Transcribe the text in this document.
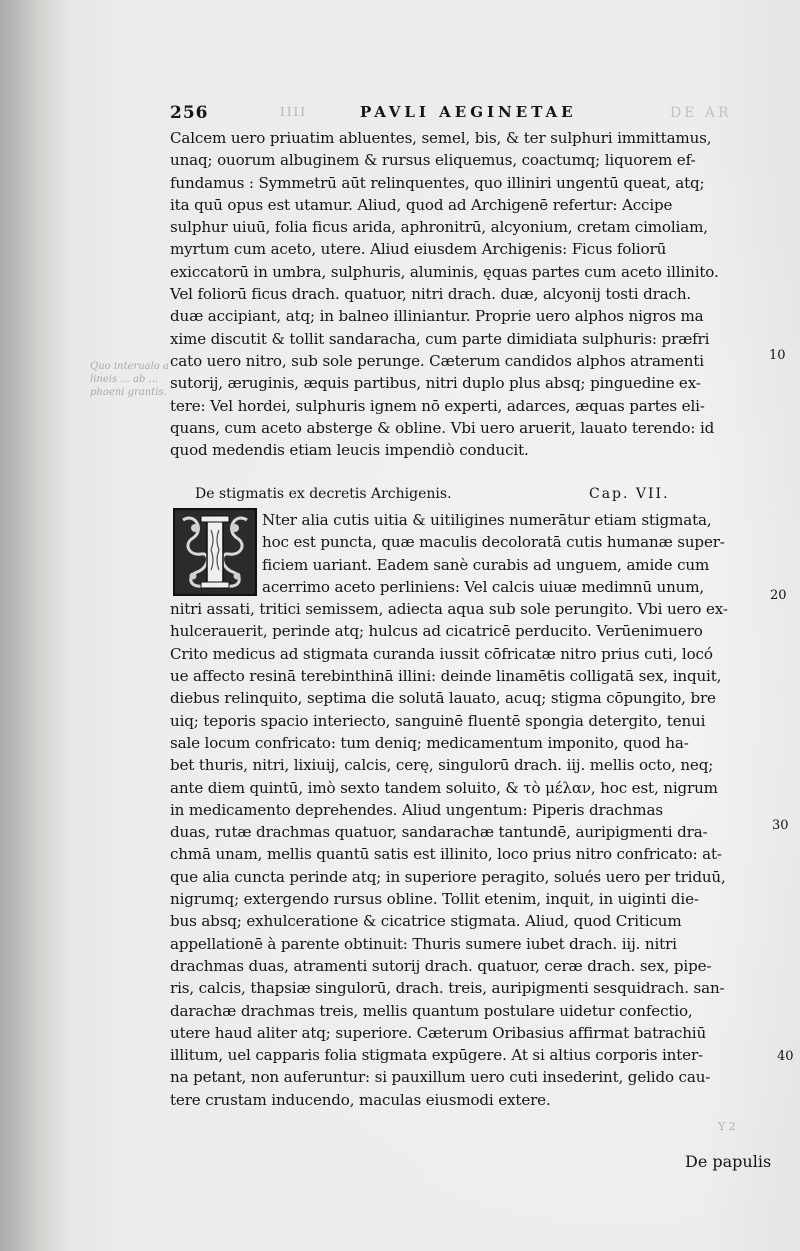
256	IIII	PAVLI AEGINETAE	DE AR
Calcem uero priuatim abluentes, semel, bis, & ter sulphuri immittamus,
unaq; ouorum albuginem & rursus eliquemus, coactumq; liquorem ef-
fundamus : Symmetrū aūt relinquentes, quo illiniri ungentū queat, atq;
ita quū opus est utamur. Aliud, quod ad Archigenē refertur: Accipe
sulphur uiuū, folia ficus arida, aphronitrū, alcyonium, cretam cimoliam,
myrtum cum aceto, utere. Aliud eiusdem Archigenis: Ficus foliorū
exiccatorū in umbra, sulphuris, aluminis, ęquas partes cum aceto illinito.
Vel foliorū ficus drach. quatuor, nitri drach. duæ, alcyonij tosti drach.
duæ accipiant, atq; in balneo illiniantur. Proprie uero alphos nigros ma
xime discutit & tollit sandaracha, cum parte dimidiata sulphuris: præfri
cato uero nitro, sub sole perunge. Cæterum candidos alphos atramenti
sutorij, æruginis, æquis partibus, nitri duplo plus absq; pinguedine ex-
tere: Vel hordei, sulphuris ignem nō experti, adarces, æquas partes eli-
quans, cum aceto absterge & obline. Vbi uero aruerit, lauato terendo: id
quod medendis etiam leucis impendiò conducit.
De stigmatis ex decretis Archigenis.	Cap. VII.
Nter alia cutis uitia & uitiligines numerātur etiam stigmata,
hoc est puncta, quæ maculis decoloratā cutis humanæ super-
ficiem uariant. Eadem sanè curabis ad unguem, amide cum
acerrimo aceto perliniens: Vel calcis uiuæ medimnū unum,
nitri assati, tritici semissem, adiecta aqua sub sole perungito. Vbi uero ex-
hulcerauerit, perinde atq; hulcus ad cicatricē perducito. Verūenimuero
Crito medicus ad stigmata curanda iussit cōfricatæ nitro prius cuti, locó
ue affecto resinā terebinthinā illini: deinde linamētis colligatā sex, inquit,
diebus relinquito, septima die solutā lauato, acuq; stigma cōpungito, bre
uiq; teporis spacio interiecto, sanguinē fluentē spongia detergito, tenui
sale locum confricato: tum deniq; medicamentum imponito, quod ha-
bet thuris, nitri, lixiuij, calcis, cerę, singulorū drach. iij. mellis octo, neq;
ante diem quintū, imò sexto tandem soluito, & τὸ μέλαν, hoc est, nigrum
in medicamento deprehendes. Aliud ungentum: Piperis drachmas
duas, rutæ drachmas quatuor, sandarachæ tantundē, auripigmenti dra-
chmā unam, mellis quantū satis est illinito, loco prius nitro confricato: at-
que alia cuncta perinde atq; in superiore peragito, solués uero per triduū,
nigrumq; extergendo rursus obline. Tollit etenim, inquit, in uiginti die-
bus absq; exhulceratione & cicatrice stigmata. Aliud, quod Criticum
appellationē à parente obtinuit: Thuris sumere iubet drach. iij. nitri
drachmas duas, atramenti sutorij drach. quatuor, ceræ drach. sex, pipe-
ris, calcis, thapsiæ singulorū, drach. treis, auripigmenti sesquidrach. san-
darachæ drachmas treis, mellis quantum postulare uidetur confectio,
utere haud aliter atq; superiore. Cæterum Oribasius affirmat batrachiū
illitum, uel capparis folia stigmata expūgere. At si altius corporis inter-
na petant, non auferuntur: si pauxillum uero cuti insederint, gelido cau-
tere crustam inducendo, maculas eiusmodi extere.
10
20
30
40
Quo interualo a lineis ... ab ... phoeni grantis.
Y 2
De papulis
